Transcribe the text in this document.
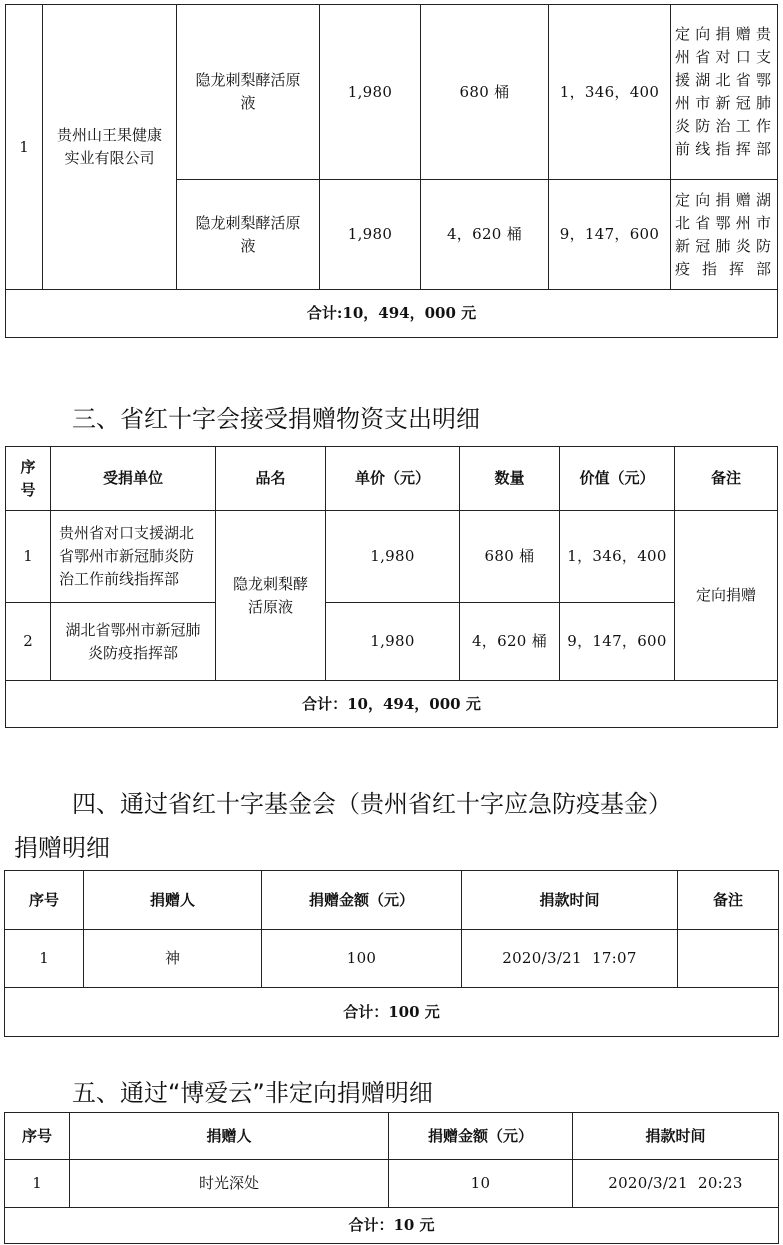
1	贵州山王果健康实业有限公司	隐龙刺梨酵活原液	1,980	680 桶	1，346，400	定向捐赠贵州省对口支援湖北省鄂州市新冠肺炎防治工作前线指挥部
		隐龙刺梨酵活原液	1,980	4，620 桶	9，147，600	定向捐赠湖北省鄂州市新冠肺炎防疫指挥部
合计:10，494，000 元						
三、省红十字会接受捐赠物资支出明细
序号	受捐单位	品名	单价（元）	数量	价值（元）	备注
1	贵州省对口支援湖北省鄂州市新冠肺炎防治工作前线指挥部	隐龙刺梨酵活原液	1,980	680 桶	1，346，400	定向捐赠
2	湖北省鄂州市新冠肺炎防疫指挥部		1,980	4，620 桶	9，147，600	
合计：10，494，000 元						
四、通过省红十字基金会（贵州省红十字应急防疫基金）
捐赠明细
序号	捐赠人	捐赠金额（元）	捐款时间	备注
1	神	100	2020/3/21  17:07	
合计：100 元				
五、通过“博爱云”非定向捐赠明细
序号	捐赠人	捐赠金额（元）	捐款时间
1	时光深处	10	2020/3/21  20:23
合计：10 元			
